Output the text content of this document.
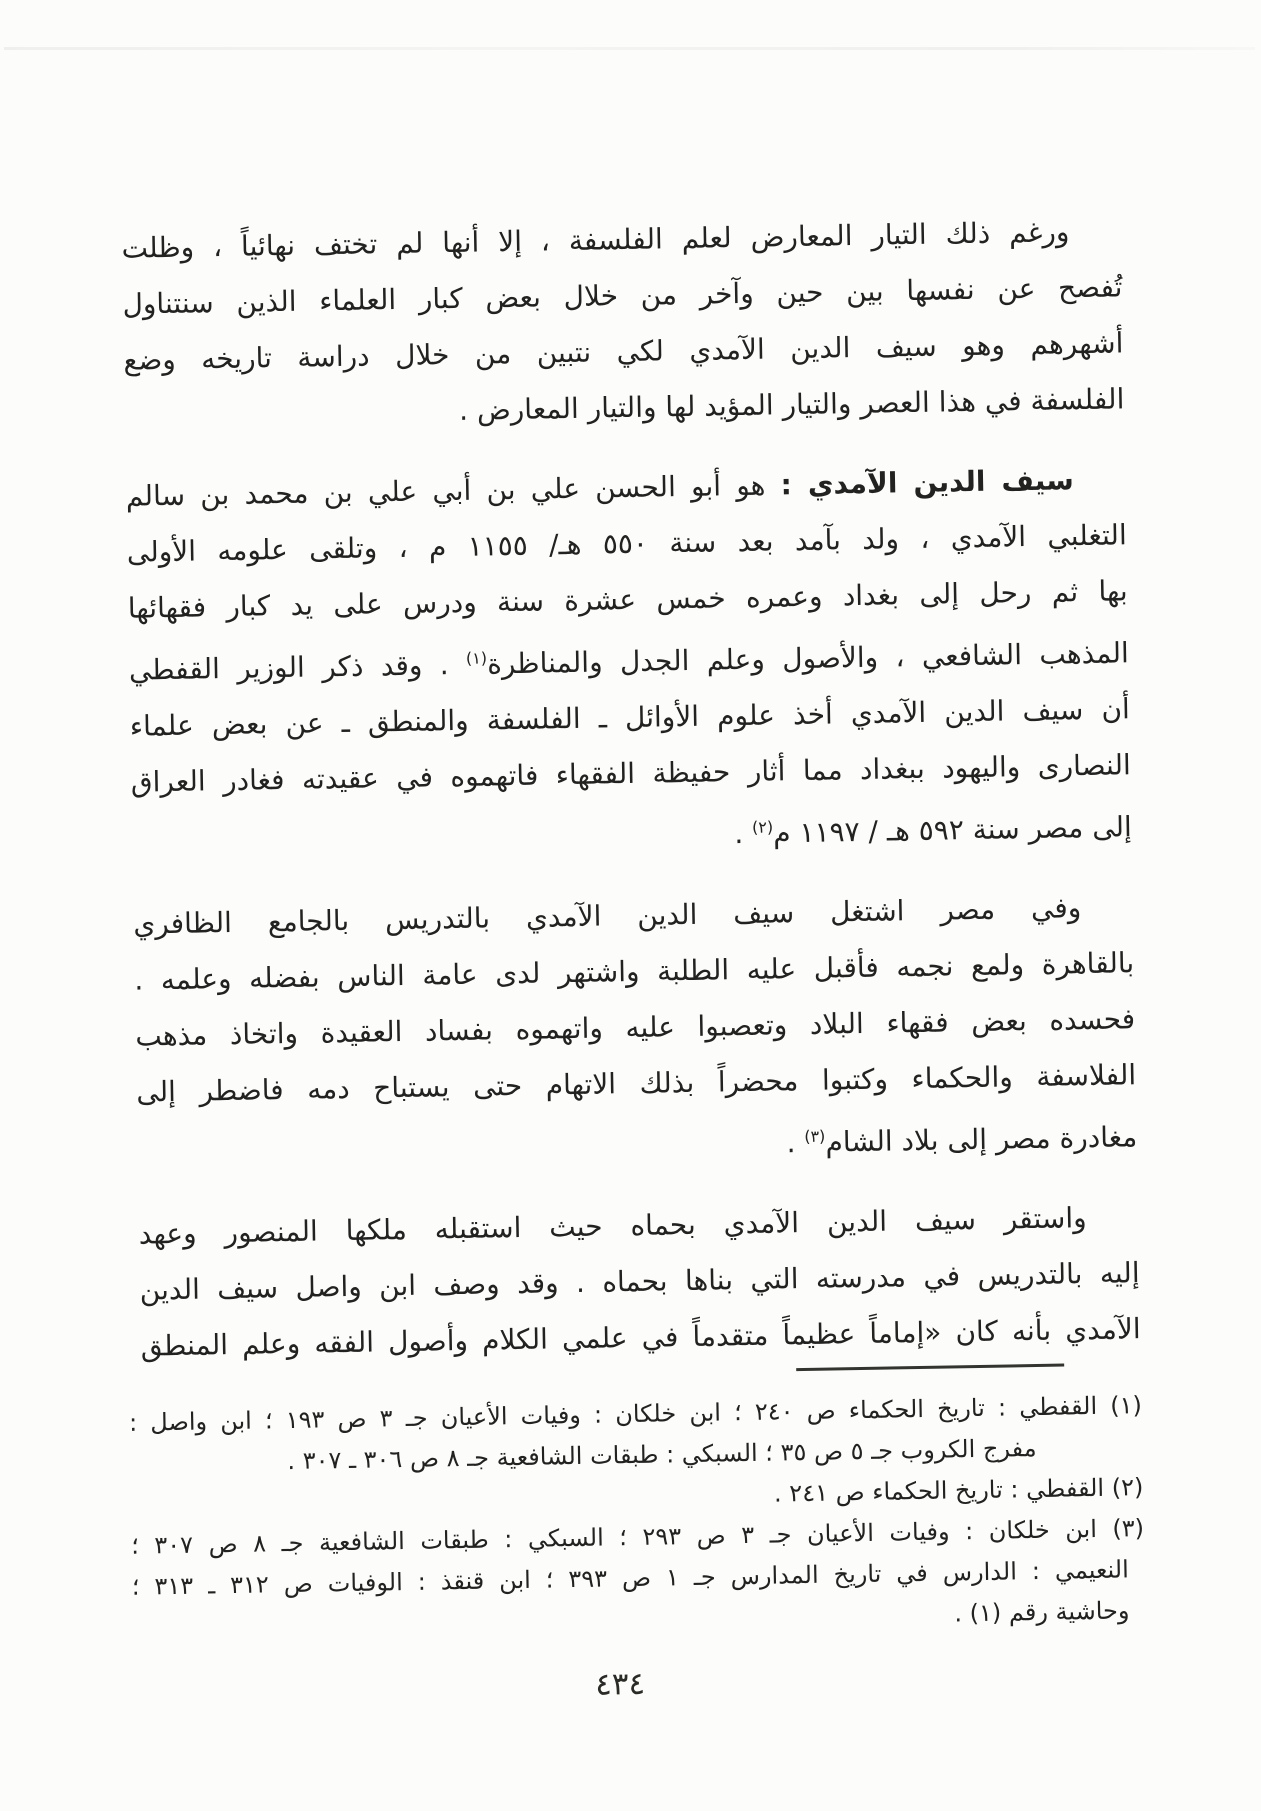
ورغم ذلك التيار المعارض لعلم الفلسفة ، إلا أنها لم تختف نهائياً ، وظلت
تُفصح عن نفسها بين حين وآخر من خلال بعض كبار العلماء الذين سنتناول
أشهرهم وهو سيف الدين الآمدي لكي نتبين من خلال دراسة تاريخه وضع
الفلسفة في هذا العصر والتيار المؤيد لها والتيار المعارض .
سيف الدين الآمدي : هو أبو الحسن علي بن أبي علي بن محمد بن سالم
التغلبي الآمدي ، ولد بآمد بعد سنة ٥٥٠ هـ/ ١١٥٥ م ، وتلقى علومه الأولى
بها ثم رحل إلى بغداد وعمره خمس عشرة سنة ودرس على يد كبار فقهائها
المذهب الشافعي ، والأصول وعلم الجدل والمناظرة$^{(١)}$ . وقد ذكر الوزير القفطي
أن سيف الدين الآمدي أخذ علوم الأوائل ـ الفلسفة والمنطق ـ عن بعض علماء
النصارى واليهود ببغداد مما أثار حفيظة الفقهاء فاتهموه في عقيدته فغادر العراق
إلى مصر سنة ٥٩٢ هـ / ١١٩٧ م$^{(٢)}$ .
وفي مصر اشتغل سيف الدين الآمدي بالتدريس بالجامع الظافري
بالقاهرة ولمع نجمه فأقبل عليه الطلبة واشتهر لدى عامة الناس بفضله وعلمه .
فحسده بعض فقهاء البلاد وتعصبوا عليه واتهموه بفساد العقيدة واتخاذ مذهب
الفلاسفة والحكماء وكتبوا محضراً بذلك الاتهام حتى يستباح دمه فاضطر إلى
مغادرة مصر إلى بلاد الشام$^{(٣)}$ .
واستقر سيف الدين الآمدي بحماه حيث استقبله ملكها المنصور وعهد
إليه بالتدريس في مدرسته التي بناها بحماه . وقد وصف ابن واصل سيف الدين
الآمدي بأنه كان «إماماً عظيماً متقدماً في علمي الكلام وأصول الفقه وعلم المنطق
(١) القفطي : تاريخ الحكماء ص ٢٤٠ ؛ ابن خلكان : وفيات الأعيان جـ ٣ ص ١٩٣ ؛ ابن واصل :
مفرج الكروب جـ ٥ ص ٣٥ ؛ السبكي : طبقات الشافعية جـ ٨ ص ٣٠٦ ـ ٣٠٧ .
(٢) القفطي : تاريخ الحكماء ص ٢٤١ .
(٣) ابن خلكان : وفيات الأعيان جـ ٣ ص ٢٩٣ ؛ السبكي : طبقات الشافعية جـ ٨ ص ٣٠٧ ؛
النعيمي : الدارس في تاريخ المدارس جـ ١ ص ٣٩٣ ؛ ابن قنقذ : الوفيات ص ٣١٢ ـ ٣١٣ ؛
وحاشية رقم (١) .
٤٣٤
